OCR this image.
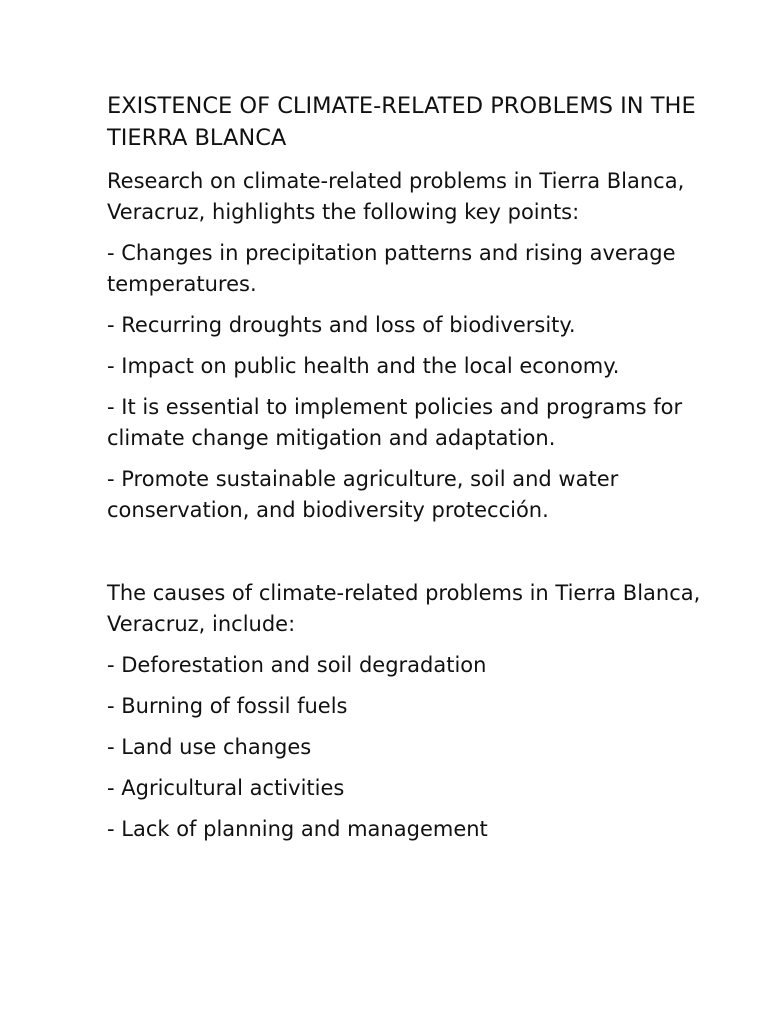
EXISTENCE OF CLIMATE-RELATED PROBLEMS IN THE TIERRA BLANCA

Research on climate-related problems in Tierra Blanca, Veracruz, highlights the following key points:

- Changes in precipitation patterns and rising average temperatures.

- Recurring droughts and loss of biodiversity.

- Impact on public health and the local economy.

- It is essential to implement policies and programs for climate change mitigation and adaptation.

- Promote sustainable agriculture, soil and water conservation, and biodiversity protección.

The causes of climate-related problems in Tierra Blanca, Veracruz, include:

- Deforestation and soil degradation

- Burning of fossil fuels

- Land use changes

- Agricultural activities

- Lack of planning and management
